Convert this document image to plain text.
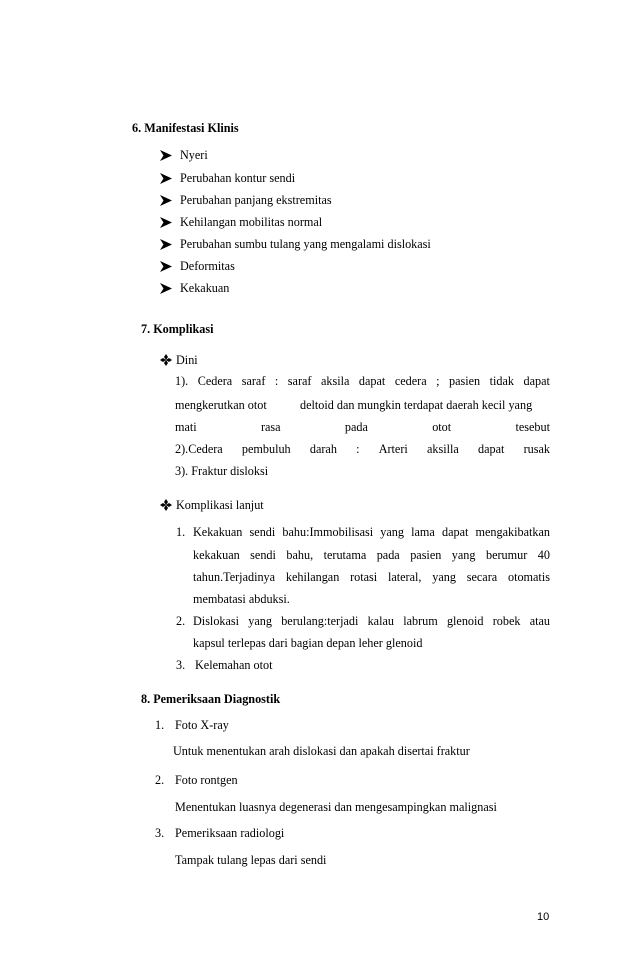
6. Manifestasi Klinis
Nyeri
Perubahan kontur sendi
Perubahan panjang ekstremitas
Kehilangan mobilitas normal
Perubahan sumbu tulang yang mengalami dislokasi
Deformitas
Kekakuan
7. Komplikasi
Dini
1). Cedera saraf : saraf aksila dapat cedera ; pasien tidak dapat
mengkerutkan otot	deltoid dan mungkin terdapat daerah kecil yang
mati	rasa	pada	otot	tesebut
2).Cedera pembuluh darah : Arteri aksilla dapat rusak
3). Fraktur disloksi
Komplikasi lanjut
1. Kekakuan sendi bahu:Immobilisasi yang lama dapat mengakibatkan
kekakuan sendi bahu, terutama pada pasien yang berumur 40
tahun.Terjadinya kehilangan rotasi lateral, yang secara otomatis
membatasi abduksi.
2. Dislokasi yang berulang:terjadi kalau labrum glenoid robek atau
kapsul terlepas dari bagian depan leher glenoid
3. Kelemahan otot
8. Pemeriksaan Diagnostik
1. Foto X-ray
Untuk menentukan arah dislokasi dan apakah disertai fraktur
2. Foto rontgen
Menentukan luasnya degenerasi dan mengesampingkan malignasi
3. Pemeriksaan radiologi
Tampak tulang lepas dari sendi
10
